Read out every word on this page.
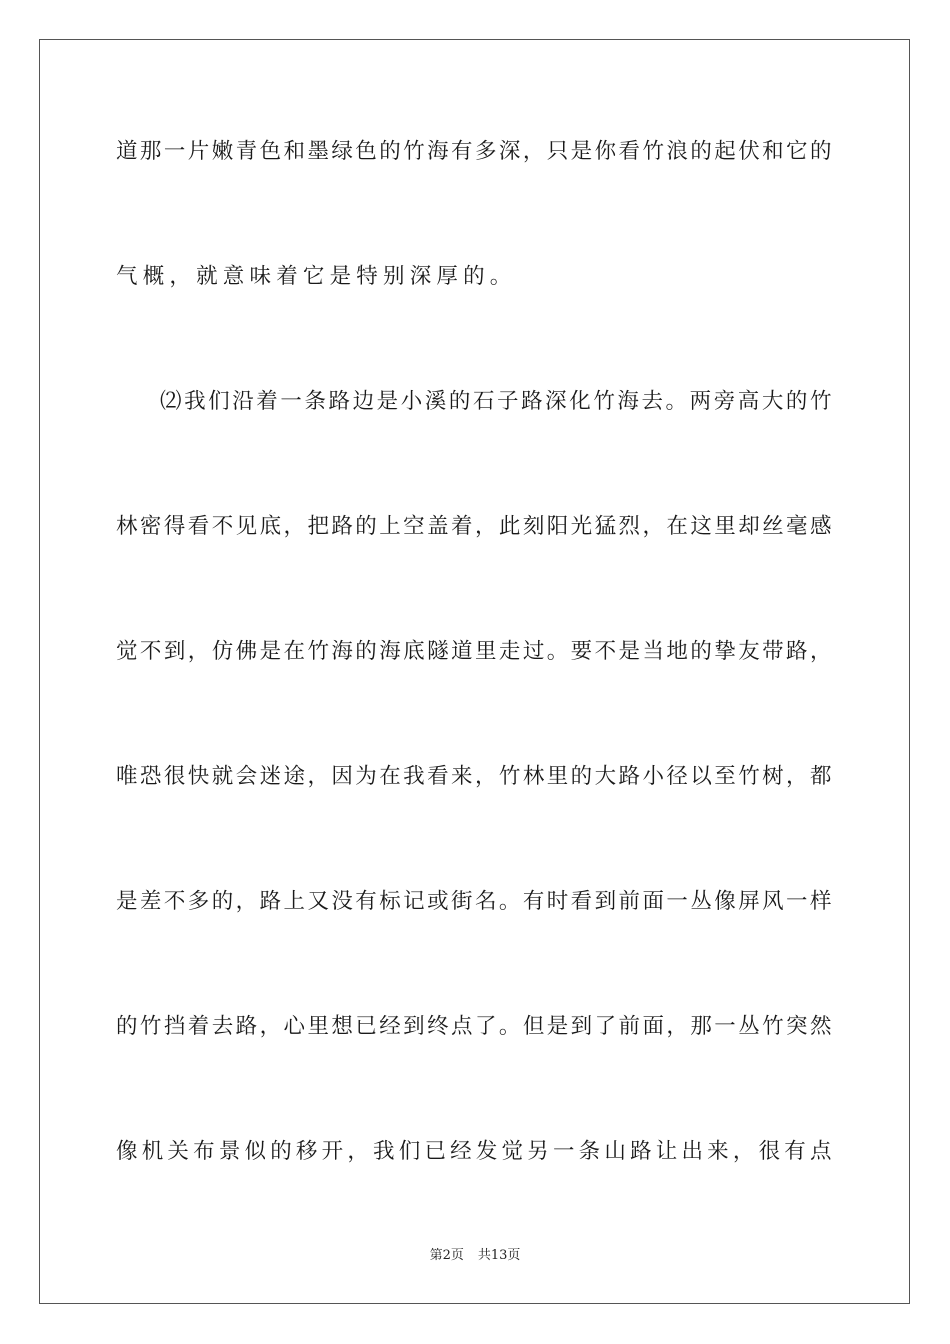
道那一片嫩青色和墨绿色的竹海有多深，只是你看竹浪的起伏和它的
气概，就意味着它是特别深厚的。
⑵我们沿着一条路边是小溪的石子路深化竹海去。两旁高大的竹
林密得看不见底，把路的上空盖着，此刻阳光猛烈，在这里却丝毫感
觉不到，仿佛是在竹海的海底隧道里走过。要不是当地的挚友带路，
唯恐很快就会迷途，因为在我看来，竹林里的大路小径以至竹树，都
是差不多的，路上又没有标记或街名。有时看到前面一丛像屏风一样
的竹挡着去路，心里想已经到终点了。但是到了前面，那一丛竹突然
像机关布景似的移开，我们已经发觉另一条山路让出来，很有点
第2页 共13页
